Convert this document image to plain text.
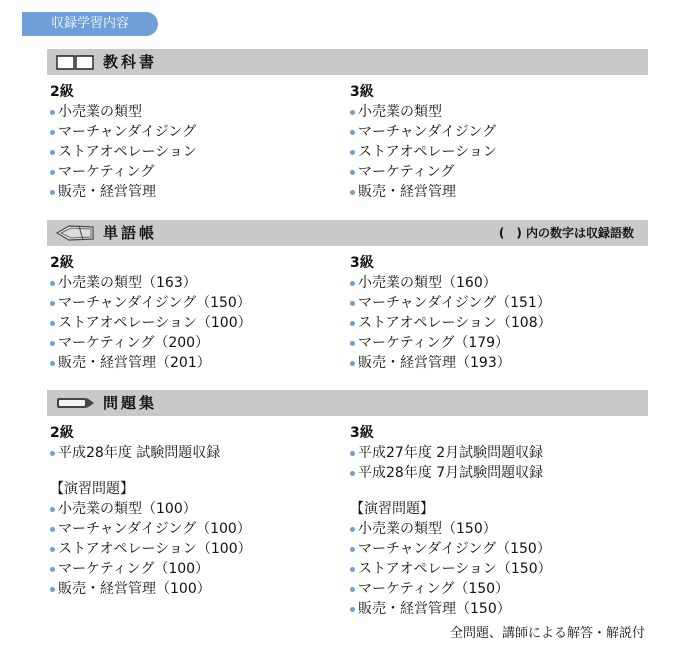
収録学習内容
教科書
2級
小売業の類型
マーチャンダイジング
ストアオペレーション
マーケティング
販売・経営管理
3級
小売業の類型
マーチャンダイジング
ストアオペレーション
マーケティング
販売・経営管理
単語帳	(　) 内の数字は収録語数
2級
小売業の類型（163）
マーチャンダイジング（150）
ストアオペレーション（100）
マーケティング（200）
販売・経営管理（201）
3級
小売業の類型（160）
マーチャンダイジング（151）
ストアオペレーション（108）
マーケティング（179）
販売・経営管理（193）
問題集
2級
平成28年度 試験問題収録
【演習問題】
小売業の類型（100）
マーチャンダイジング（100）
ストアオペレーション（100）
マーケティング（100）
販売・経営管理（100）
3級
平成27年度 2月試験問題収録
平成28年度 7月試験問題収録
【演習問題】
小売業の類型（150）
マーチャンダイジング（150）
ストアオペレーション（150）
マーケティング（150）
販売・経営管理（150）
全問題、講師による解答・解説付
